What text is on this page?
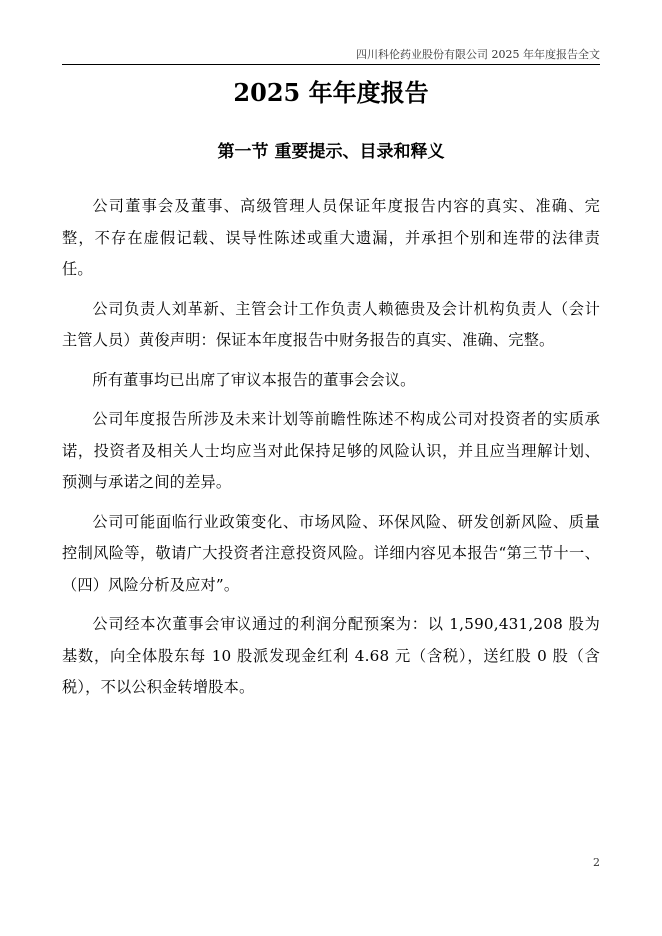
四川科伦药业股份有限公司 2025 年年度报告全文
2025 年年度报告
第一节 重要提示、目录和释义

公司董事会及董事、高级管理人员保证年度报告内容的真实、准确、完整，不存在虚假记载、误导性陈述或重大遗漏，并承担个别和连带的法律责任。

公司负责人刘革新、主管会计工作负责人赖德贵及会计机构负责人（会计主管人员）黄俊声明：保证本年度报告中财务报告的真实、准确、完整。

所有董事均已出席了审议本报告的董事会会议。

公司年度报告所涉及未来计划等前瞻性陈述不构成公司对投资者的实质承诺，投资者及相关人士均应当对此保持足够的风险认识，并且应当理解计划、预测与承诺之间的差异。

公司可能面临行业政策变化、市场风险、环保风险、研发创新风险、质量控制风险等，敬请广大投资者注意投资风险。详细内容见本报告“第三节十一、（四）风险分析及应对”。

公司经本次董事会审议通过的利润分配预案为：以 1,590,431,208 股为基数，向全体股东每 10 股派发现金红利 4.68 元（含税），送红股 0 股（含税），不以公积金转增股本。

2
